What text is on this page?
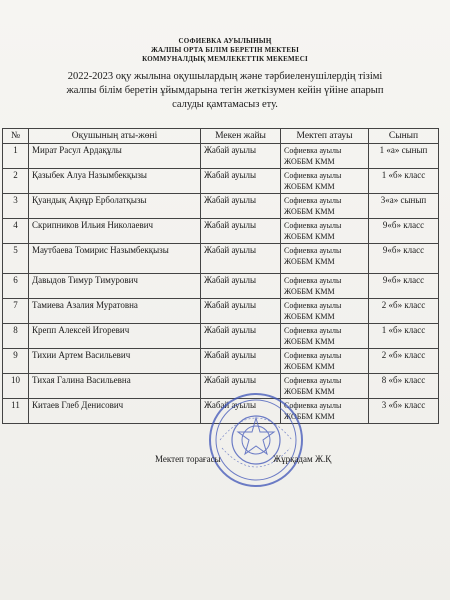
СОФИЕВКА АУЫЛЫНЫҢ
ЖАЛПЫ ОРТА БІЛІМ БЕРЕТІН МЕКТЕБІ
КОММУНАЛДЫҚ МЕМЛЕКЕТТІК МЕКЕМЕСІ
2022-2023 оқу жылына оқушылардың және тәрбиеленушілердің тізімі
жалпы білім беретін ұйымдарына тегін жеткізумен кейін үйіне апарып
салуды қамтамасыз ету.
№	Оқушының аты-жөні	Мекен жайы	Мектеп атауы	Сынып
1	Мират Расул Ардақұлы	Жабай ауылы	Софиевка ауылы ЖОББМ КММ	1 «а» сынып
2	Қазыбек Алуа Назымбекқызы	Жабай ауылы	Софиевка ауылы ЖОББМ КММ	1 «б» класс
3	Қуандық Ақнұр Ерболатқызы	Жабай ауылы	Софиевка ауылы ЖОББМ КММ	3«а» сынып
4	Скрипников Ильия Николаевич	Жабай ауылы	Софиевка ауылы ЖОББМ КММ	9«б» класс
5	Маутбаева Томирис Назымбекқызы	Жабай ауылы	Софиевка ауылы ЖОББМ КММ	9«б» класс
6	Давыдов Тимур Тимурович	Жабай ауылы	Софиевка ауылы ЖОББМ КММ	9«б» класс
7	Тамиева Азалия Муратовна	Жабай ауылы	Софиевка ауылы ЖОББМ КММ	2 «б» класс
8	Крепп Алексей Игоревич	Жабай ауылы	Софиевка ауылы ЖОББМ КММ	1 «б» класс
9	Тихии Артем Васильевич	Жабай ауылы	Софиевка ауылы ЖОББМ КММ	2 «б» класс
10	Тихая Галина Васильевна	Жабай ауылы	Софиевка ауылы ЖОББМ КММ	8 «б» класс
11	Китаев Глеб Денисович	Жабай ауылы	Софиевка ауылы ЖОББМ КММ	3 «б» класс
Мектеп торағасы	Жұрқадам Ж.Қ
